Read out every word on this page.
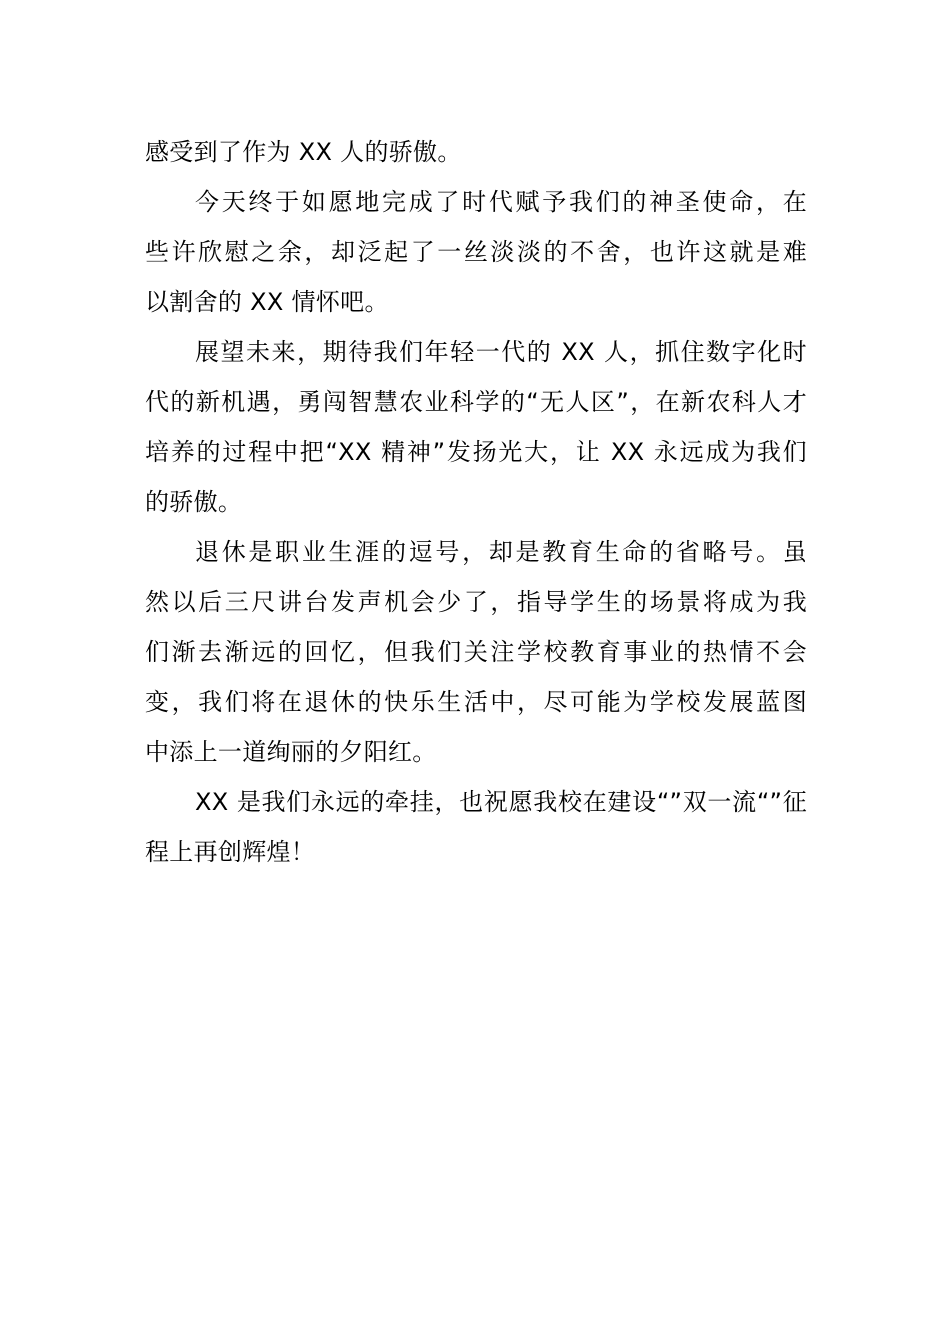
感受到了作为 XX 人的骄傲。

今天终于如愿地完成了时代赋予我们的神圣使命，在
些许欣慰之余，却泛起了一丝淡淡的不舍，也许这就是难
以割舍的 XX 情怀吧。

展望未来，期待我们年轻一代的 XX 人，抓住数字化时
代的新机遇，勇闯智慧农业科学的“无人区”，在新农科人才
培养的过程中把“XX 精神”发扬光大，让 XX 永远成为我们
的骄傲。

退休是职业生涯的逗号，却是教育生命的省略号。虽
然以后三尺讲台发声机会少了，指导学生的场景将成为我
们渐去渐远的回忆，但我们关注学校教育事业的热情不会
变，我们将在退休的快乐生活中，尽可能为学校发展蓝图
中添上一道绚丽的夕阳红。

XX 是我们永远的牵挂，也祝愿我校在建设“”双一流“”征
程上再创辉煌！
